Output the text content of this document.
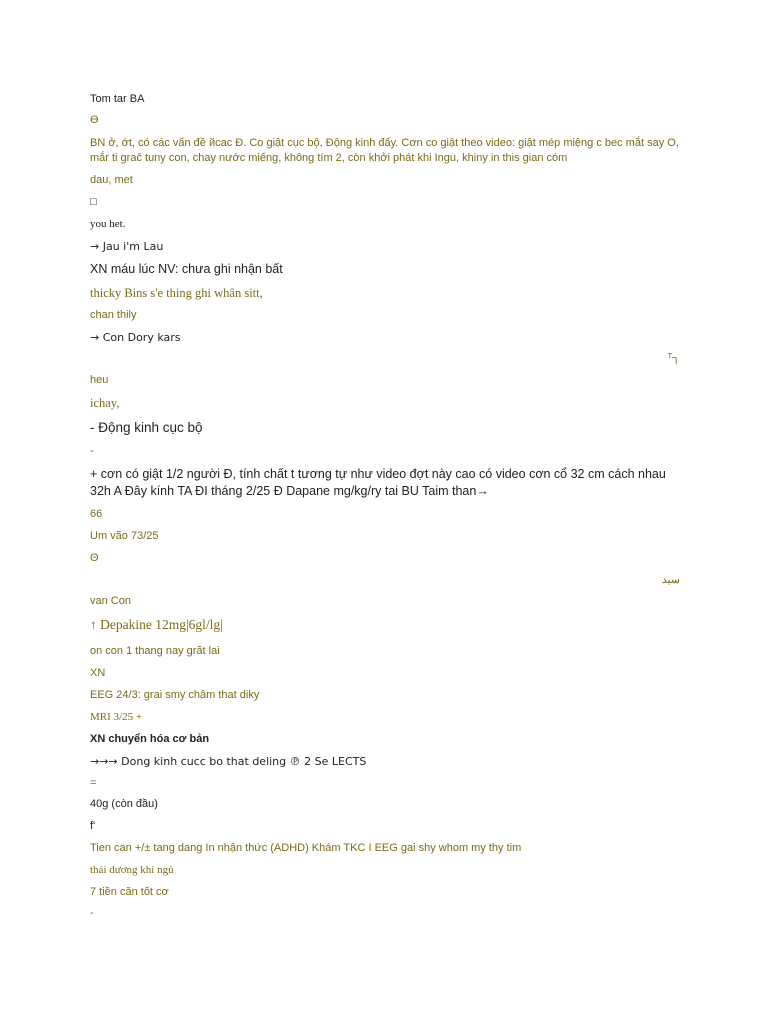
Tom tar BA
ϴ
BN ở, ớt, có các vấn đề йcac Đ. Co giật cục bộ, Động kinh đấy. Cơn co giật theo video: giật mép miệng c bec mắt say O, mắr ti grač tuny con, chay nước miếng, không tím 2, còn khởi phát khi Ingu, khiny in this gian cóm
dau, met
□
you het.
→ Jau i'm Lau
XN máu lúc NV: chưa ghi nhận bất
thicky Bins s'e thing ghi whân sitt,
chan thily
→ Con Dory kars
ᵀ┐
heu
ichay,
- Động kinh cục bộ
-
+ cơn có giật 1/2 người Đ, tính chất t tương tự như video đợt này cao có video cơn cổ 32 cm cách nhau 32h A Đây kính TA ĐI tháng 2/25 Đ Dapane mg/kg/ry tai BU Taim than→
66
Um vão 73/25
Θ
سید
van Con
↑ Depakine 12mg|6gl/lg|
on con 1 thang nay grãt lai
XN
EEG 24/3: grai smy châm that diky
MRI 3/25 +
XN chuyển hóa cơ bản
→→→ Dong kinh cucc bo that deling ℗ 2 Se LECTS
=
40g (còn đầu)
f'
Tien can +/± tang dang In nhận thức (ADHD) Khám TKC I EEG gai shy whom my thy tim
thái dương khi ngủ
7 tiền căn tốt cơ
-
